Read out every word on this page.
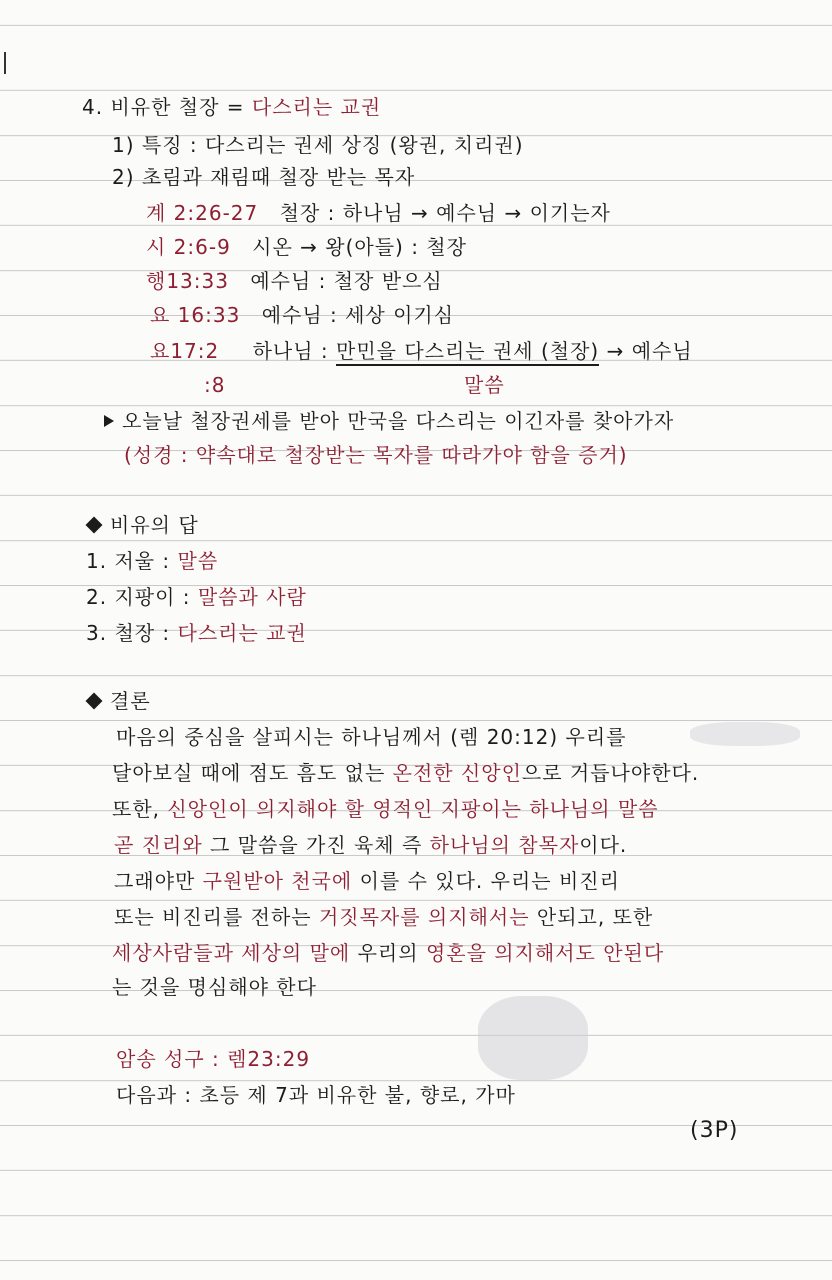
4. 비유한 철장 = 다스리는 교권
1) 특징 : 다스리는 권세 상징 (왕권, 치리권)
2) 초림과 재림때 철장 받는 목자
계 2:26-27 철장 : 하나님 → 예수님 → 이기는자
시 2:6-9 시온 → 왕(아들) : 철장
행13:33 예수님 : 철장 받으심
요 16:33 예수님 : 세상 이기심
요17:2 하나님 : 만민을 다스리는 권세 (철장) → 예수님
:8	말씀
오늘날 철장권세를 받아 만국을 다스리는 이긴자를 찾아가자
(성경 : 약속대로 철장받는 목자를 따라가야 함을 증거)
비유의 답
1. 저울 : 말씀
2. 지팡이 : 말씀과 사람
3. 철장 : 다스리는 교권
결론
마음의 중심을 살피시는 하나님께서 (렘 20:12) 우리를
달아보실 때에 점도 흠도 없는 온전한 신앙인으로 거듭나야한다.
또한, 신앙인이 의지해야 할 영적인 지팡이는 하나님의 말씀
곧 진리와 그 말씀을 가진 육체 즉 하나님의 참목자이다.
그래야만 구원받아 천국에 이를 수 있다. 우리는 비진리
또는 비진리를 전하는 거짓목자를 의지해서는 안되고, 또한
세상사람들과 세상의 말에 우리의 영혼을 의지해서도 안된다
는 것을 명심해야 한다
암송 성구 : 렘23:29
다음과 : 초등 제 7과 비유한 불, 향로, 가마
(3P)
